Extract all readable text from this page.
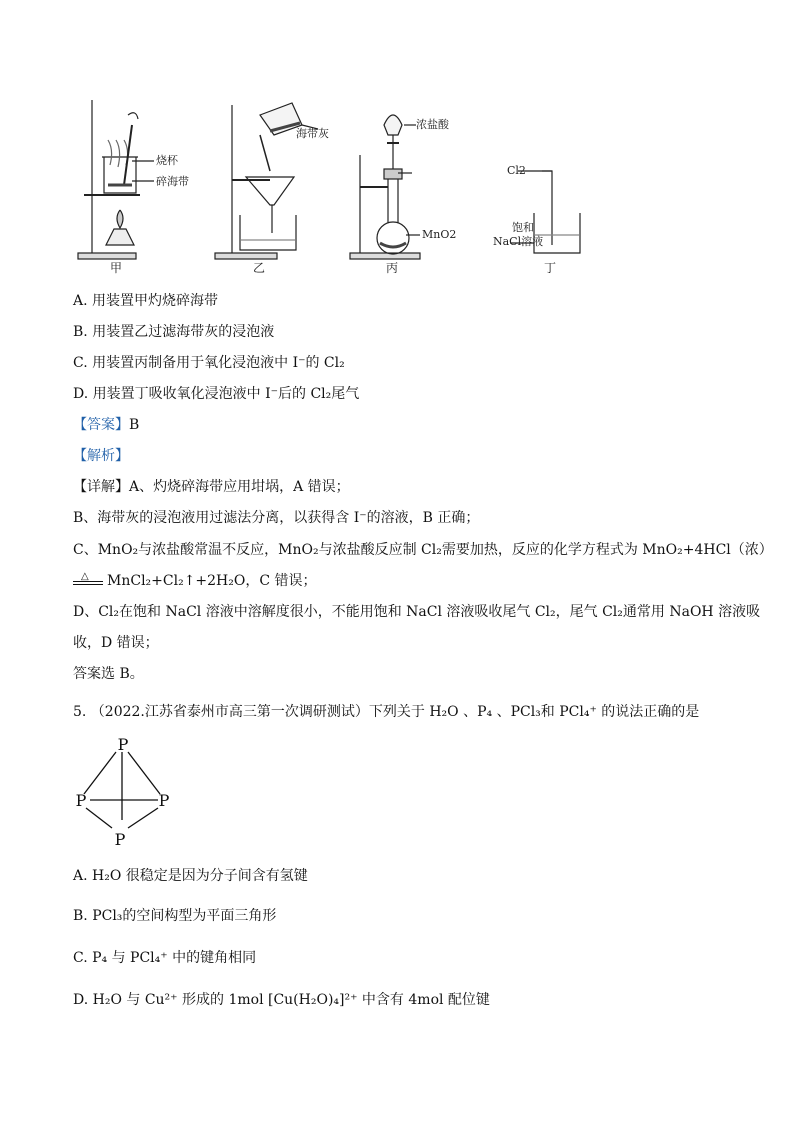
烧杯
碎海带
海带灰
浓盐酸
MnO2
Cl2
饱和
NaCl溶液
甲	乙	丙	丁
A. 用装置甲灼烧碎海带
B. 用装置乙过滤海带灰的浸泡液
C. 用装置丙制备用于氧化浸泡液中 I⁻的 Cl₂
D. 用装置丁吸收氧化浸泡液中 I⁻后的 Cl₂尾气
【答案】B
【解析】
【详解】A、灼烧碎海带应用坩埚，A 错误；
B、海带灰的浸泡液用过滤法分离，以获得含 I⁻的溶液，B 正确；
C、MnO₂与浓盐酸常温不反应，MnO₂与浓盐酸反应制 Cl₂需要加热，反应的化学方程式为 MnO₂+4HCl（浓）
△ MnCl₂+Cl₂↑+2H₂O，C 错误；
D、Cl₂在饱和 NaCl 溶液中溶解度很小，不能用饱和 NaCl 溶液吸收尾气 Cl₂，尾气 Cl₂通常用 NaOH 溶液吸
收，D 错误；
答案选 B。
5. （2022.江苏省泰州市高三第一次调研测试）下列关于 H₂O 、P₄ 、PCl₃和 PCl₄⁺ 的说法正确的是
P
P	P
P
A. H₂O 很稳定是因为分子间含有氢键
B. PCl₃的空间构型为平面三角形
C. P₄ 与 PCl₄⁺ 中的键角相同
D. H₂O 与 Cu²⁺ 形成的 1mol [Cu(H₂O)₄]²⁺ 中含有 4mol 配位键
